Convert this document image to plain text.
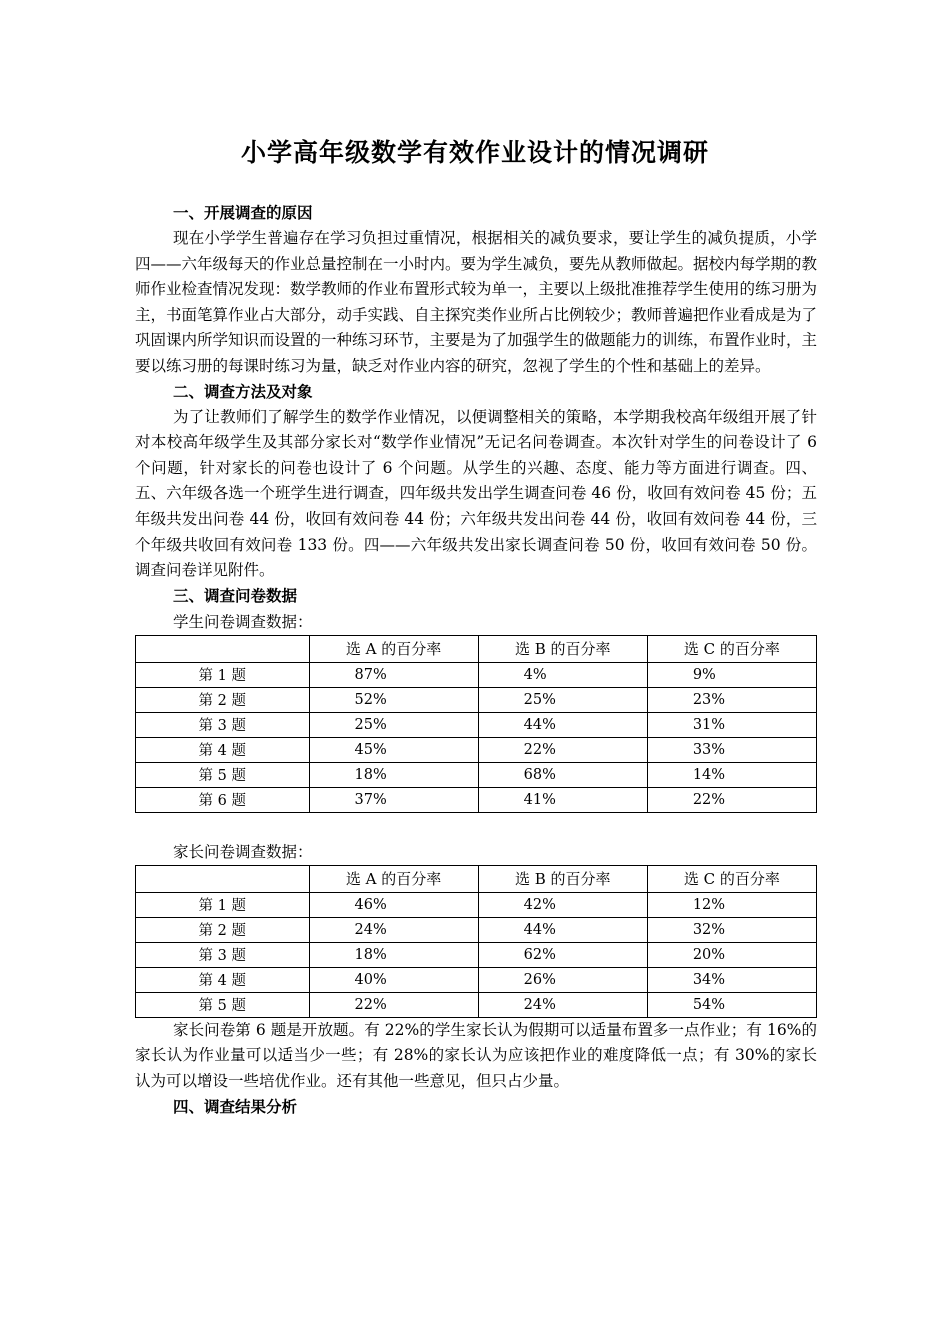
小学高年级数学有效作业设计的情况调研
一、开展调查的原因

现在小学学生普遍存在学习负担过重情况，根据相关的减负要求，要让学生的减负提质，小学四——六年级每天的作业总量控制在一小时内。要为学生减负，要先从教师做起。据校内每学期的教师作业检查情况发现：数学教师的作业布置形式较为单一，主要以上级批准推荐学生使用的练习册为主，书面笔算作业占大部分，动手实践、自主探究类作业所占比例较少；教师普遍把作业看成是为了巩固课内所学知识而设置的一种练习环节，主要是为了加强学生的做题能力的训练，布置作业时，主要以练习册的每课时练习为量，缺乏对作业内容的研究，忽视了学生的个性和基础上的差异。

二、调查方法及对象

为了让教师们了解学生的数学作业情况，以便调整相关的策略，本学期我校高年级组开展了针对本校高年级学生及其部分家长对“数学作业情况”无记名问卷调查。本次针对学生的问卷设计了 6 个问题，针对家长的问卷也设计了 6 个问题。从学生的兴趣、态度、能力等方面进行调查。四、五、六年级各选一个班学生进行调查，四年级共发出学生调查问卷 46 份，收回有效问卷 45 份；五年级共发出问卷 44 份，收回有效问卷 44 份；六年级共发出问卷 44 份，收回有效问卷 44 份，三个年级共收回有效问卷 133 份。四——六年级共发出家长调查问卷 50 份，收回有效问卷 50 份。调查问卷详见附件。

三、调查问卷数据
学生问卷调查数据：
	选 A 的百分率	选 B 的百分率	选 C 的百分率
第 1 题	87%	4%	9%
第 2 题	52%	25%	23%
第 3 题	25%	44%	31%
第 4 题	45%	22%	33%
第 5 题	18%	68%	14%
第 6 题	37%	41%	22%
家长问卷调查数据：
	选 A 的百分率	选 B 的百分率	选 C 的百分率
第 1 题	46%	42%	12%
第 2 题	24%	44%	32%
第 3 题	18%	62%	20%
第 4 题	40%	26%	34%
第 5 题	22%	24%	54%

家长问卷第 6 题是开放题。有 22%的学生家长认为假期可以适量布置多一点作业；有 16%的家长认为作业量可以适当少一些；有 28%的家长认为应该把作业的难度降低一点；有 30%的家长认为可以增设一些培优作业。还有其他一些意见，但只占少量。

四、调查结果分析
